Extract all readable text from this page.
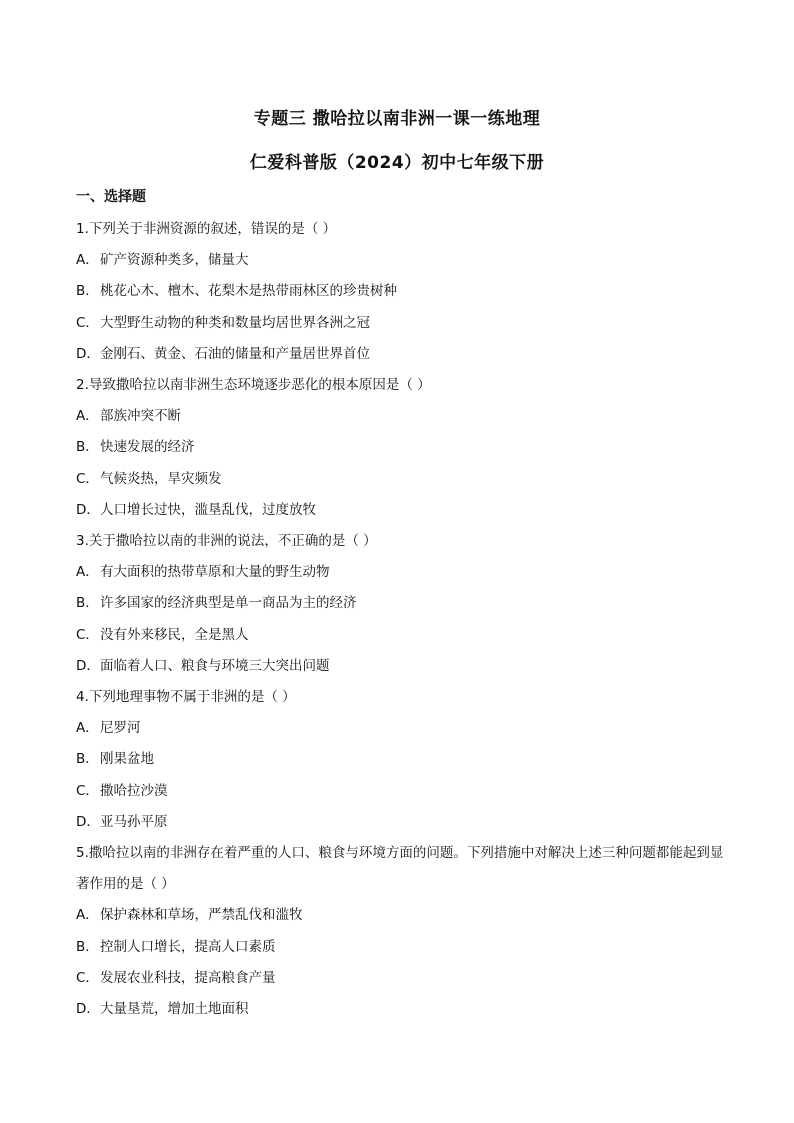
专题三 撒哈拉以南非洲一课一练地理
仁爱科普版（2024）初中七年级下册
一、选择题
1.下列关于非洲资源的叙述，错误的是（ ）
A．矿产资源种类多，储量大
B．桃花心木、檀木、花梨木是热带雨林区的珍贵树种
C．大型野生动物的种类和数量均居世界各洲之冠
D．金刚石、黄金、石油的储量和产量居世界首位
2.导致撒哈拉以南非洲生态环境逐步恶化的根本原因是（ ）
A．部族冲突不断
B．快速发展的经济
C．气候炎热，旱灾频发
D．人口增长过快，滥垦乱伐，过度放牧
3.关于撒哈拉以南的非洲的说法，不正确的是（ ）
A．有大面积的热带草原和大量的野生动物
B．许多国家的经济典型是单一商品为主的经济
C．没有外来移民，全是黑人
D．面临着人口、粮食与环境三大突出问题
4.下列地理事物不属于非洲的是（ ）
A．尼罗河
B．刚果盆地
C．撒哈拉沙漠
D．亚马孙平原
5.撒哈拉以南的非洲存在着严重的人口、粮食与环境方面的问题。下列措施中对解决上述三种问题都能起到显著作用的是（ ）
A．保护森林和草场，严禁乱伐和滥牧
B．控制人口增长，提高人口素质
C．发展农业科技，提高粮食产量
D．大量垦荒，增加土地面积
